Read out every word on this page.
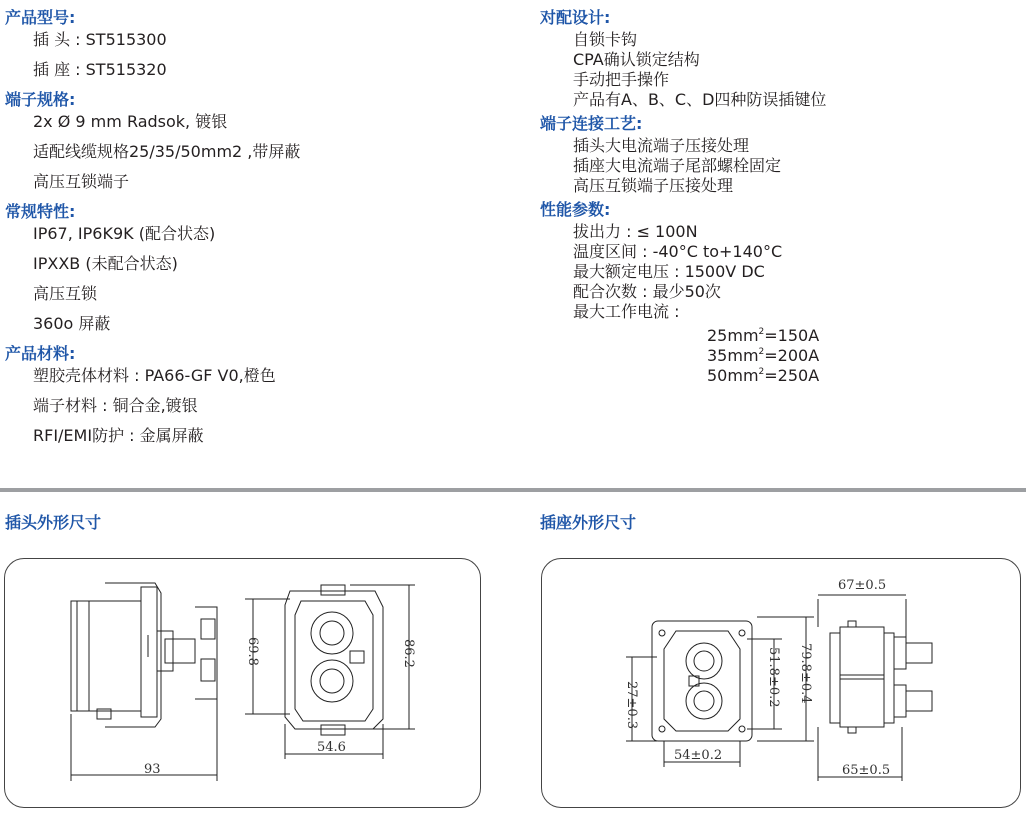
产品型号:
插 头 : ST515300
插 座 : ST515320
端子规格:
2x Ø 9 mm Radsok, 镀银
适配线缆规格25/35/50mm2 ,带屏蔽
高压互锁端子
常规特性:
IP67, IP6K9K (配合状态)
IPXXB (未配合状态)
高压互锁
360o 屏蔽
产品材料:
塑胶壳体材料 : PA66-GF V0,橙色
端子材料 : 铜合金,镀银
RFI/EMI防护 : 金属屏蔽
对配设计:
自锁卡钩
CPA确认锁定结构
手动把手操作
产品有A、B、C、D四种防误插键位
端子连接工艺:
插头大电流端子压接处理
插座大电流端子尾部螺栓固定
高压互锁端子压接处理
性能参数:
拔出力 : ≤ 100N
温度区间 : -40°C to+140°C
最大额定电压 : 1500V DC
配合次数 : 最少50次
最大工作电流 :
$25mm^2=150A$
$35mm^2=200A$
$50mm^2=250A$
插头外形尺寸	插座外形尺寸
93
54.6
69.8	86.2
67±0.5
65±0.5
54±0.2
27±0.3	51.8±0.2 79.8±0.4
